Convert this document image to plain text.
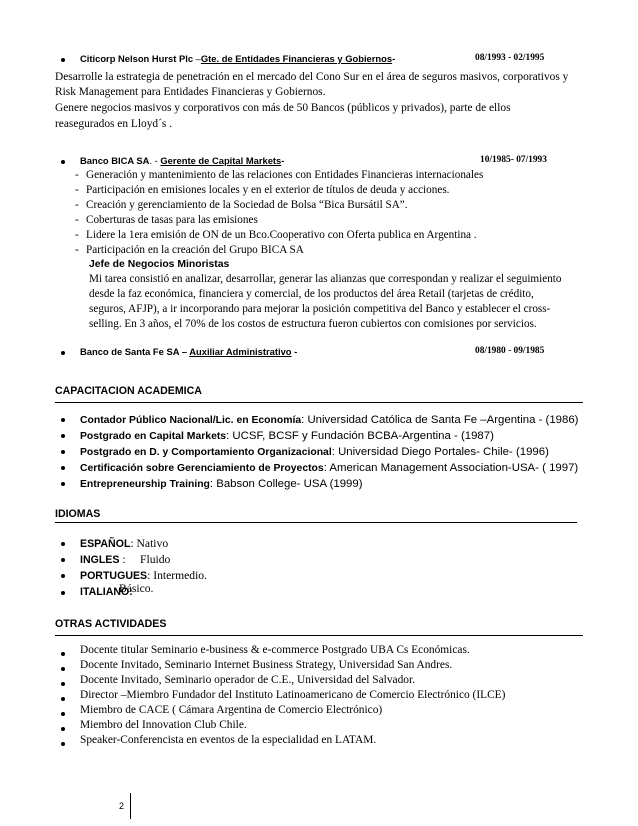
Citicorp Nelson Hurst Plc –Gte. de Entidades Financieras y Gobiernos-	08/1993 - 02/1995
Desarrolle la estrategia de penetración en el mercado del Cono Sur en el área de seguros masivos, corporativos y
Risk Management para Entidades Financieras y Gobiernos.
Genere negocios masivos y corporativos con más de 50 Bancos (públicos y privados), parte de ellos
reasegurados en Lloyd´s .
Banco BICA SA. - Gerente de Capital Markets-	10/1985- 07/1993
- Generación y mantenimiento de las relaciones con Entidades Financieras internacionales
- Participación en emisiones locales y en el exterior de títulos de deuda y acciones.
- Creación y gerenciamiento de la Sociedad de Bolsa “Bica Bursátil SA”.
- Coberturas de tasas para las emisiones
- Lidere la 1era emisión de ON de un Bco.Cooperativo con Oferta publica en Argentina .
- Participación en la creación del Grupo BICA SA
Jefe de Negocios Minoristas
Mi tarea consistió en analizar, desarrollar, generar las alianzas que correspondan y realizar el seguimiento
desde la faz económica, financiera y comercial, de los productos del área Retail (tarjetas de crédito,
seguros, AFJP), a ir incorporando para mejorar la posición competitiva del Banco y establecer el cross-
selling. En 3 años, el 70% de los costos de estructura fueron cubiertos con comisiones por servicios.
Banco de Santa Fe SA – Auxiliar Administrativo -	08/1980 - 09/1985
CAPACITACION ACADEMICA
Contador Público Nacional/Lic. en Economía: Universidad Católica de Santa Fe –Argentina - (1986)
Postgrado en Capital Markets: UCSF, BCSF y Fundación BCBA-Argentina - (1987)
Postgrado en D. y Comportamiento Organizacional: Universidad Diego Portales- Chile- (1996)
Certificación sobre Gerenciamiento de Proyectos: American Management Association-USA- ( 1997)
Entrepreneurship Training: Babson College- USA (1999)
IDIOMAS
ESPAÑOL: Nativo
INGLES :     Fluido
PORTUGUES: Intermedio.
ITALIANO:
Básico.
OTRAS ACTIVIDADES
Docente titular Seminario e-business & e-commerce Postgrado UBA Cs Económicas.
Docente Invitado, Seminario Internet Business Strategy, Universidad San Andres.
Docente Invitado, Seminario operador de C.E., Universidad del Salvador.
Director –Miembro Fundador del Instituto Latinoamericano de Comercio Electrónico (ILCE)
Miembro de CACE ( Cámara Argentina de Comercio Electrónico)
Miembro del Innovation Club Chile.
Speaker-Conferencista en eventos de la especialidad en LATAM.
2
